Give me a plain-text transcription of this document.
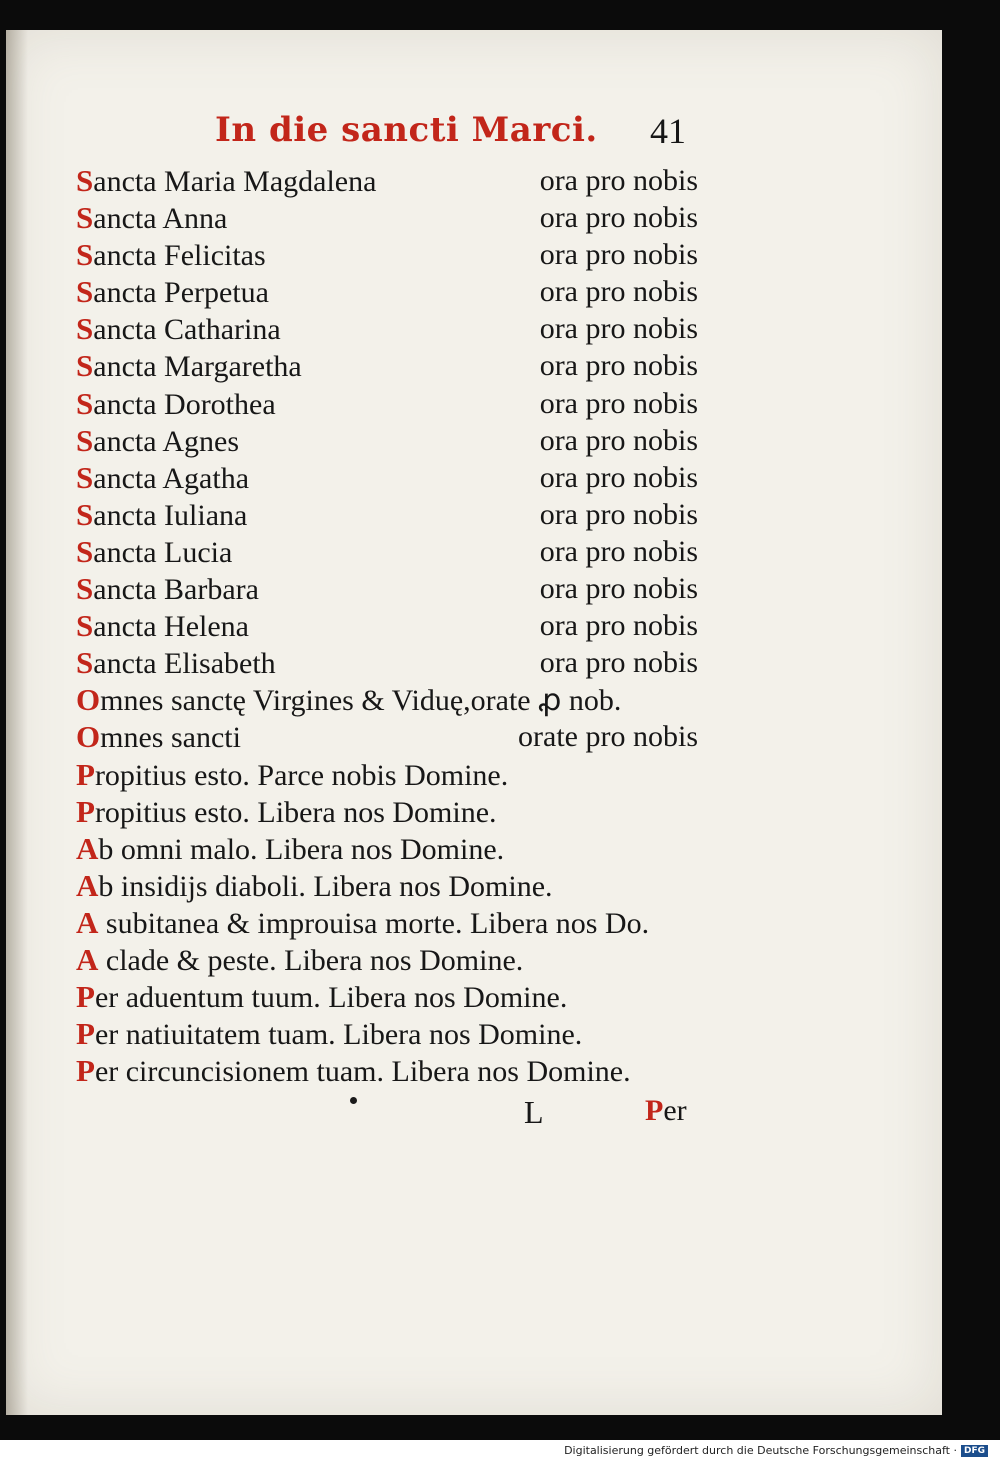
In die sancti Marci. 41
Sancta Maria Magdalena	ora pro nobis
Sancta Anna	ora pro nobis
Sancta Felicitas	ora pro nobis
Sancta Perpetua	ora pro nobis
Sancta Catharina	ora pro nobis
Sancta Margaretha	ora pro nobis
Sancta Dorothea	ora pro nobis
Sancta Agnes	ora pro nobis
Sancta Agatha	ora pro nobis
Sancta Iuliana	ora pro nobis
Sancta Lucia	ora pro nobis
Sancta Barbara	ora pro nobis
Sancta Helena	ora pro nobis
Sancta Elisabeth	ora pro nobis
Omnes sanctę Virgines & Viduę,orate ꝓ nob.
Omnes sancti	orate pro nobis
Propitius esto. Parce nobis Domine.
Propitius esto. Libera nos Domine.
Ab omni malo. Libera nos Domine.
Ab insidijs diaboli. Libera nos Domine.
A subitanea & improuisa morte. Libera nos Do.
A clade & peste. Libera nos Domine.
Per aduentum tuum. Libera nos Domine.
Per natiuitatem tuam. Libera nos Domine.
Per circuncisionem tuam. Libera nos Domine.
L	Per
Digitalisierung gefördert durch die Deutsche Forschungsgemeinschaft · DFG
